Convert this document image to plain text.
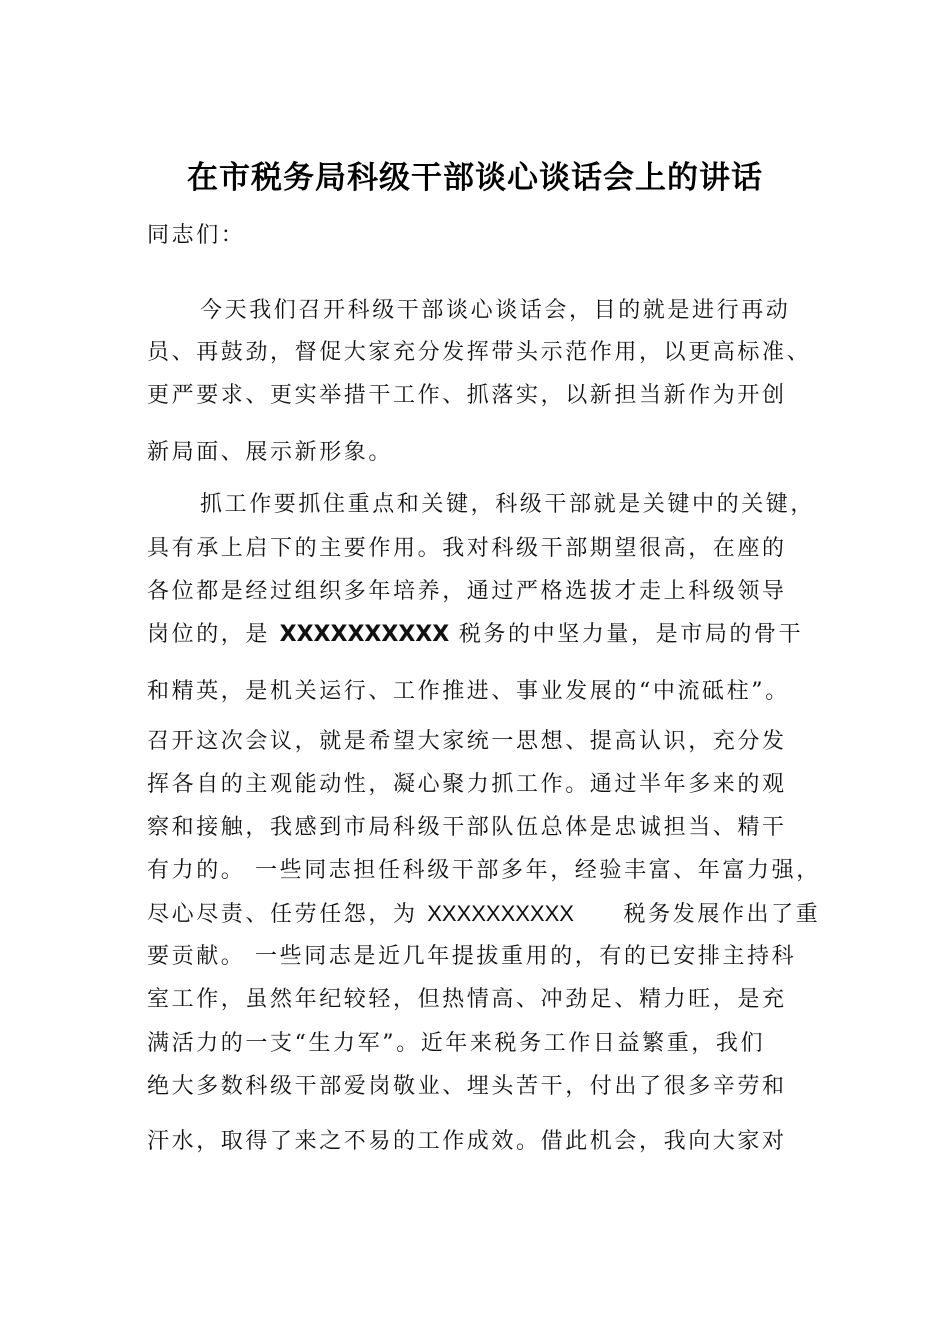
在市税务局科级干部谈心谈话会上的讲话
同志们：
今天我们召开科级干部谈心谈话会，目的就是进行再动
员、再鼓劲，督促大家充分发挥带头示范作用，以更高标准、
更严要求、更实举措干工作、抓落实，以新担当新作为开创
新局面、展示新形象。
抓工作要抓住重点和关键，科级干部就是关键中的关键，
具有承上启下的主要作用。我对科级干部期望很高，在座的
各位都是经过组织多年培养，通过严格选拔才走上科级领导
岗位的，是 XXXXXXXXXX 税务的中坚力量，是市局的骨干
和精英，是机关运行、工作推进、事业发展的“中流砥柱”。
召开这次会议，就是希望大家统一思想、提高认识，充分发
挥各自的主观能动性，凝心聚力抓工作。通过半年多来的观
察和接触，我感到市局科级干部队伍总体是忠诚担当、精干
有力的。 一些同志担任科级干部多年，经验丰富、年富力强，
尽心尽责、任劳任怨，为 XXXXXXXXXX 税务发展作出了重
要贡献。 一些同志是近几年提拔重用的，有的已安排主持科
室工作，虽然年纪较轻，但热情高、冲劲足、精力旺，是充
满活力的一支“生力军”。近年来税务工作日益繁重，我们
绝大多数科级干部爱岗敬业、埋头苦干，付出了很多辛劳和
汗水，取得了来之不易的工作成效。借此机会，我向大家对
